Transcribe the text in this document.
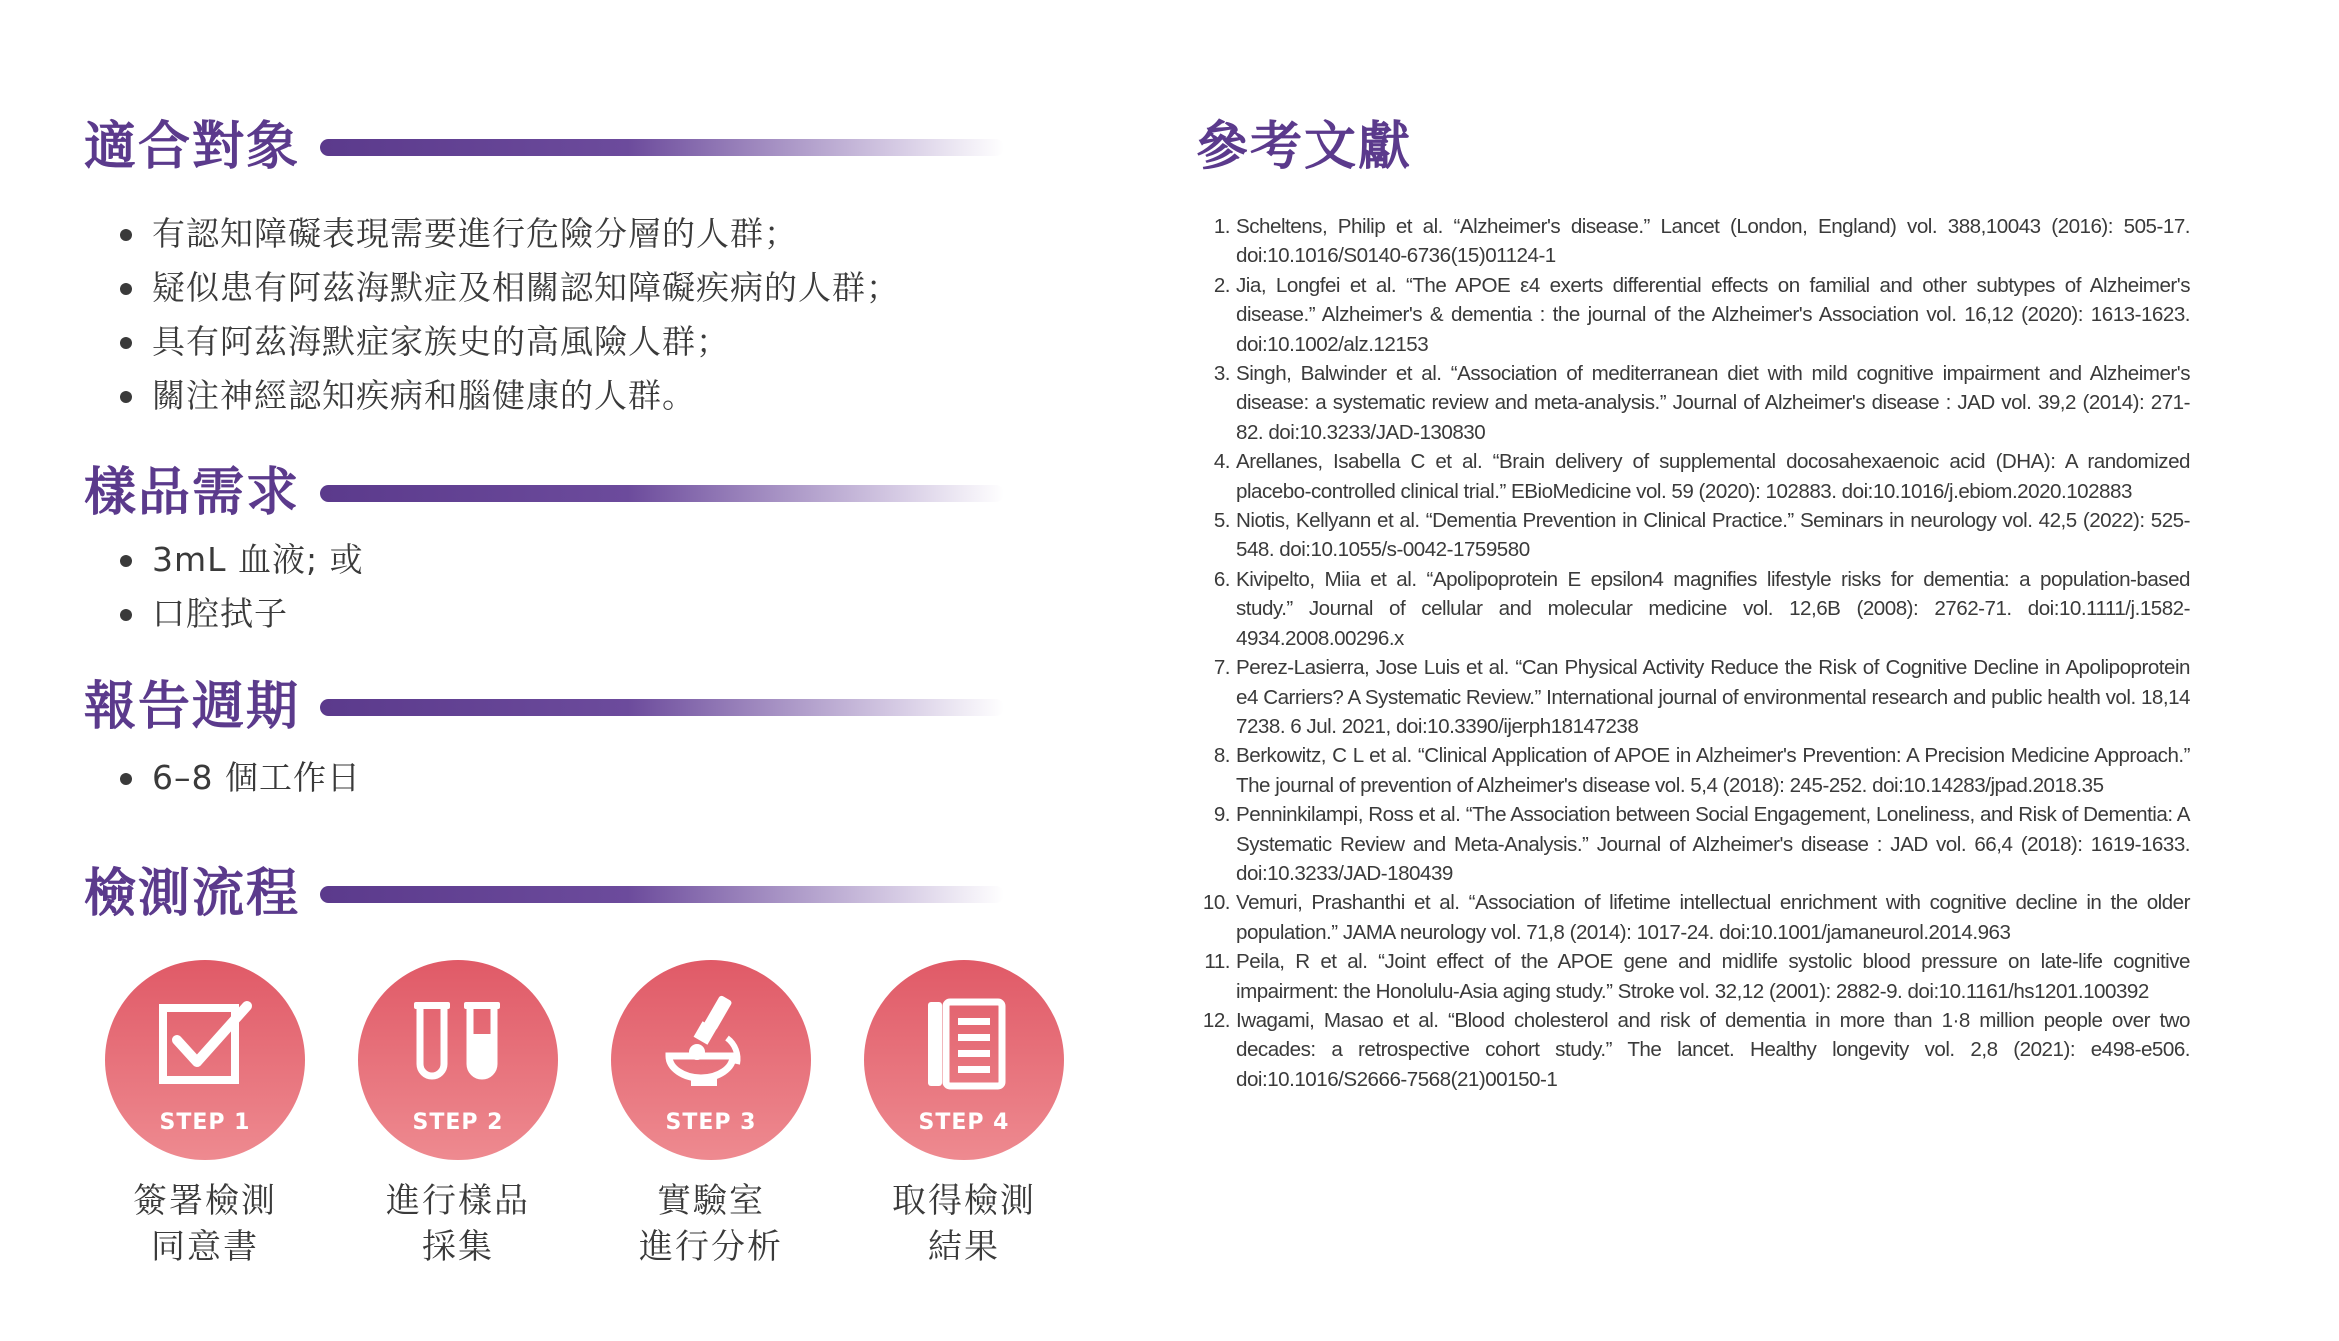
適合對象
有認知障礙表現需要進行危險分層的人群；
疑似患有阿茲海默症及相關認知障礙疾病的人群；
具有阿茲海默症家族史的高風險人群；
關注神經認知疾病和腦健康的人群。
樣品需求
3mL 血液; 或
口腔拭子
報告週期
6–8 個工作日
檢測流程
STEP 1
簽署檢測
同意書
STEP 2
進行樣品
採集
STEP 3
實驗室
進行分析
STEP 4
取得檢測
結果
參考文獻
1. Scheltens, Philip et al. “Alzheimer's disease.” Lancet (London, England) vol. 388,10043 (2016): 505-17. doi:10.1016/S0140-6736(15)01124-1
2. Jia, Longfei et al. “The APOE ε4 exerts differential effects on familial and other subtypes of Alzheimer's disease.” Alzheimer's & dementia : the journal of the Alzheimer's Association vol. 16,12 (2020): 1613-1623. doi:10.1002/alz.12153
3. Singh, Balwinder et al. “Association of mediterranean diet with mild cognitive impairment and Alzheimer's disease: a systematic review and meta-analysis.” Journal of Alzheimer's disease : JAD vol. 39,2 (2014): 271-82. doi:10.3233/JAD-130830
4. Arellanes, Isabella C et al. “Brain delivery of supplemental docosahexaenoic acid (DHA): A randomized placebo-controlled clinical trial.” EBioMedicine vol. 59 (2020): 102883. doi:10.1016/j.ebiom.2020.102883
5. Niotis, Kellyann et al. “Dementia Prevention in Clinical Practice.” Seminars in neurology vol. 42,5 (2022): 525-548. doi:10.1055/s-0042-1759580
6. Kivipelto, Miia et al. “Apolipoprotein E epsilon4 magnifies lifestyle risks for dementia: a population-based study.” Journal of cellular and molecular medicine vol. 12,6B (2008): 2762-71. doi:10.1111/j.1582-4934.2008.00296.x
7. Perez-Lasierra, Jose Luis et al. “Can Physical Activity Reduce the Risk of Cognitive Decline in Apolipoprotein e4 Carriers? A Systematic Review.” International journal of environmental research and public health vol. 18,14 7238. 6 Jul. 2021, doi:10.3390/ijerph18147238
8. Berkowitz, C L et al. “Clinical Application of APOE in Alzheimer's Prevention: A Precision Medicine Approach.” The journal of prevention of Alzheimer's disease vol. 5,4 (2018): 245-252. doi:10.14283/jpad.2018.35
9. Penninkilampi, Ross et al. “The Association between Social Engagement, Loneliness, and Risk of Dementia: A Systematic Review and Meta-Analysis.” Journal of Alzheimer's disease : JAD vol. 66,4 (2018): 1619-1633. doi:10.3233/JAD-180439
10. Vemuri, Prashanthi et al. “Association of lifetime intellectual enrichment with cognitive decline in the older population.” JAMA neurology vol. 71,8 (2014): 1017-24. doi:10.1001/jamaneurol.2014.963
11. Peila, R et al. “Joint effect of the APOE gene and midlife systolic blood pressure on late-life cognitive impairment: the Honolulu-Asia aging study.” Stroke vol. 32,12 (2001): 2882-9. doi:10.1161/hs1201.100392
12. Iwagami, Masao et al. “Blood cholesterol and risk of dementia in more than 1·8 million people over two decades: a retrospective cohort study.” The lancet. Healthy longevity vol. 2,8 (2021): e498-e506. doi:10.1016/S2666-7568(21)00150-1
